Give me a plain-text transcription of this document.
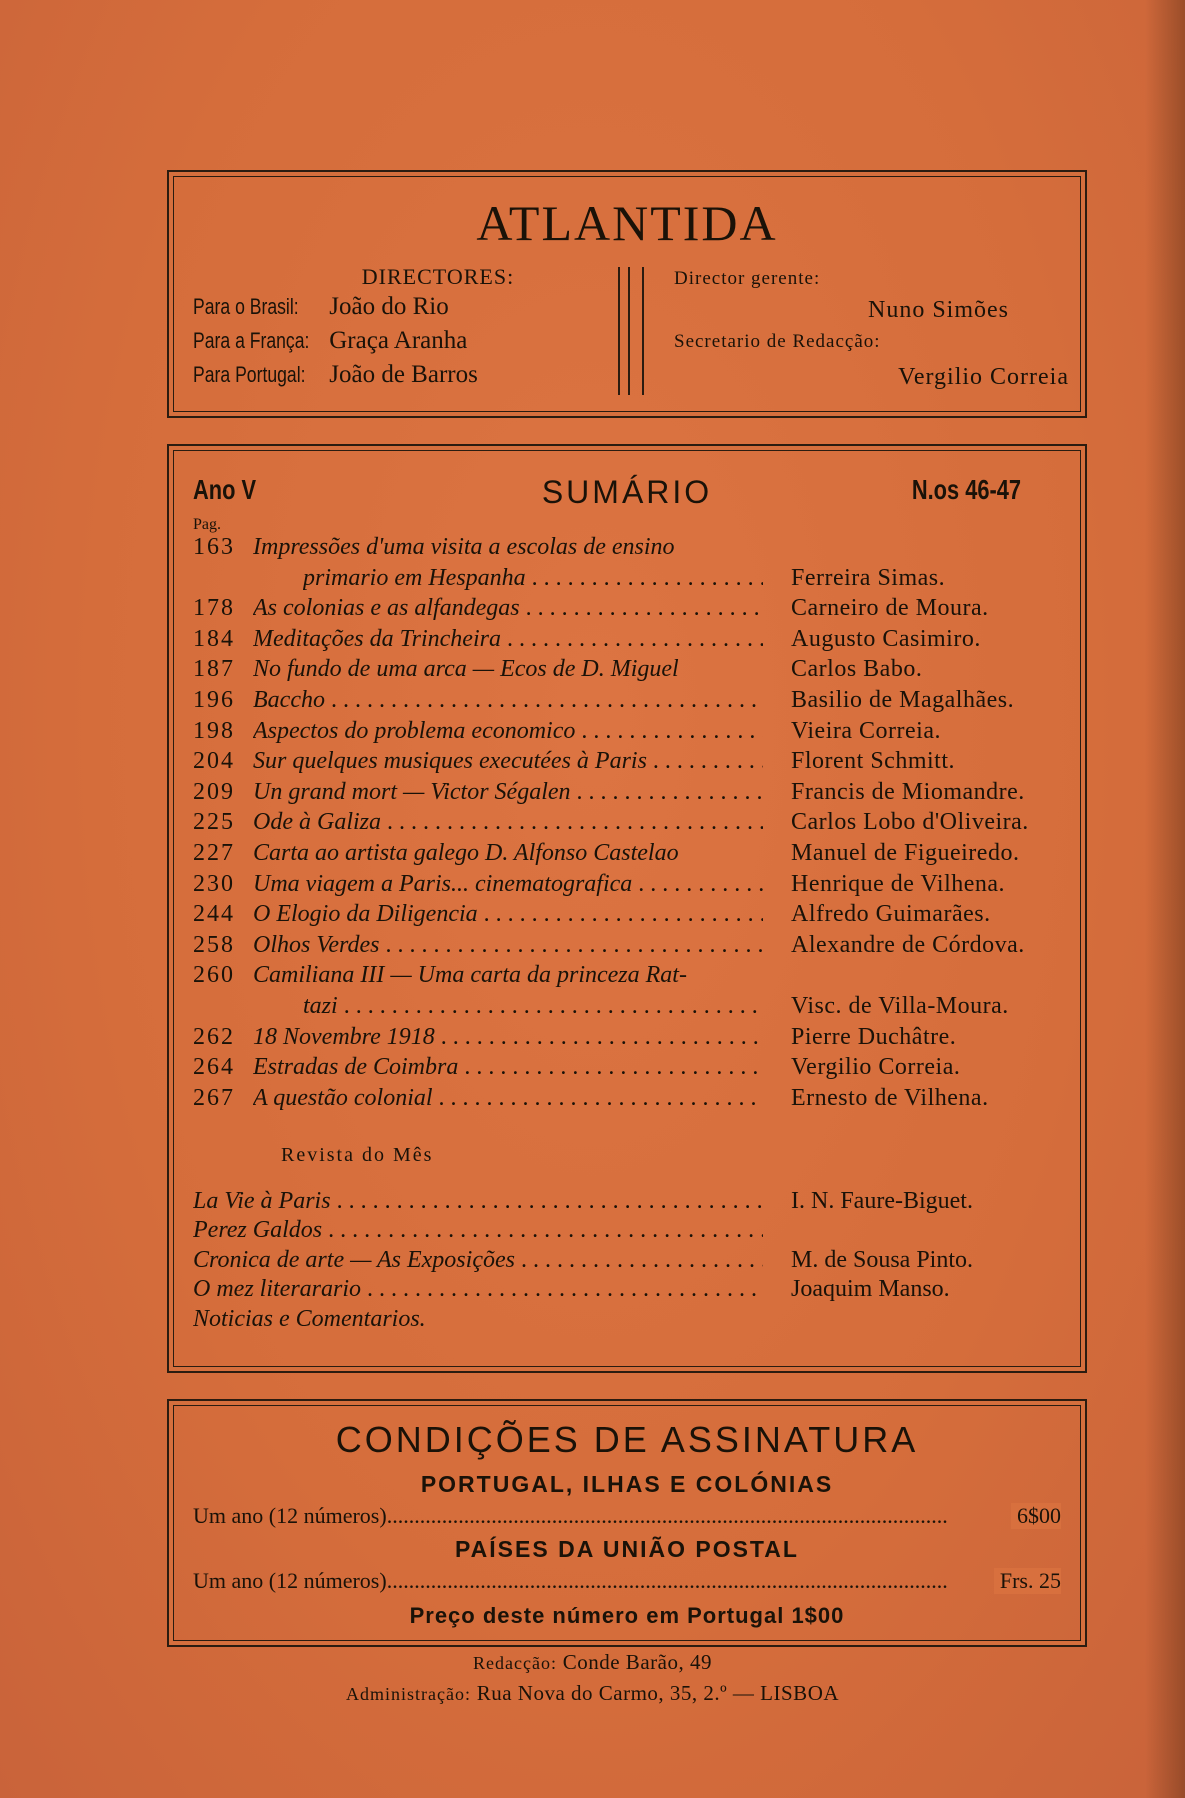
ATLANTIDA
DIRECTORES:
Para o Brasil: João do Rio
Para a França: Graça Aranha
Para Portugal: João de Barros
Director gerente:
Nuno Simões
Secretario de Redacção:
Vergilio Correia
Ano V	SUMÁRIO	N.os 46-47
Pag.
163 Impressões d'uma visita a escolas de ensino
primario em Hespanha . . .	Ferreira Simas.
178 As colonias e as alfandegas . . .	Carneiro de Moura.
184 Meditações da Trincheira . . .	Augusto Casimiro.
187 No fundo de uma arca — Ecos de D. Miguel	Carlos Babo.
196 Baccho . . .	Basilio de Magalhães.
198 Aspectos do problema economico . . .	Vieira Correia.
204 Sur quelques musiques executées à Paris . . .	Florent Schmitt.
209 Un grand mort — Victor Ségalen . . .	Francis de Miomandre.
225 Ode à Galiza . . .	Carlos Lobo d'Oliveira.
227 Carta ao artista galego D. Alfonso Castelao	Manuel de Figueiredo.
230 Uma viagem a Paris... cinematografica . . .	Henrique de Vilhena.
244 O Elogio da Diligencia . . .	Alfredo Guimarães.
258 Olhos Verdes . . .	Alexandre de Córdova.
260 Camiliana III — Uma carta da princeza Rat-
tazi . . .	Visc. de Villa-Moura.
262 18 Novembre 1918 . . .	Pierre Duchâtre.
264 Estradas de Coimbra . . .	Vergilio Correia.
267 A questão colonial . . .	Ernesto de Vilhena.
Revista do Mês
La Vie à Paris . . .	I. N. Faure-Biguet.
Perez Galdos . . .
Cronica de arte — As Exposições . . .	M. de Sousa Pinto.
O mez literarario . . .	Joaquim Manso.
Noticias e Comentarios.
CONDIÇÕES DE ASSINATURA
PORTUGAL, ILHAS E COLÓNIAS
Um ano (12 números) .....	6$00
PAÍSES DA UNIÃO POSTAL
Um ano (12 números) .....	Frs. 25
Preço deste número em Portugal 1$00
Redacção: Conde Barão, 49
Administração: Rua Nova do Carmo, 35, 2.º — LISBOA
